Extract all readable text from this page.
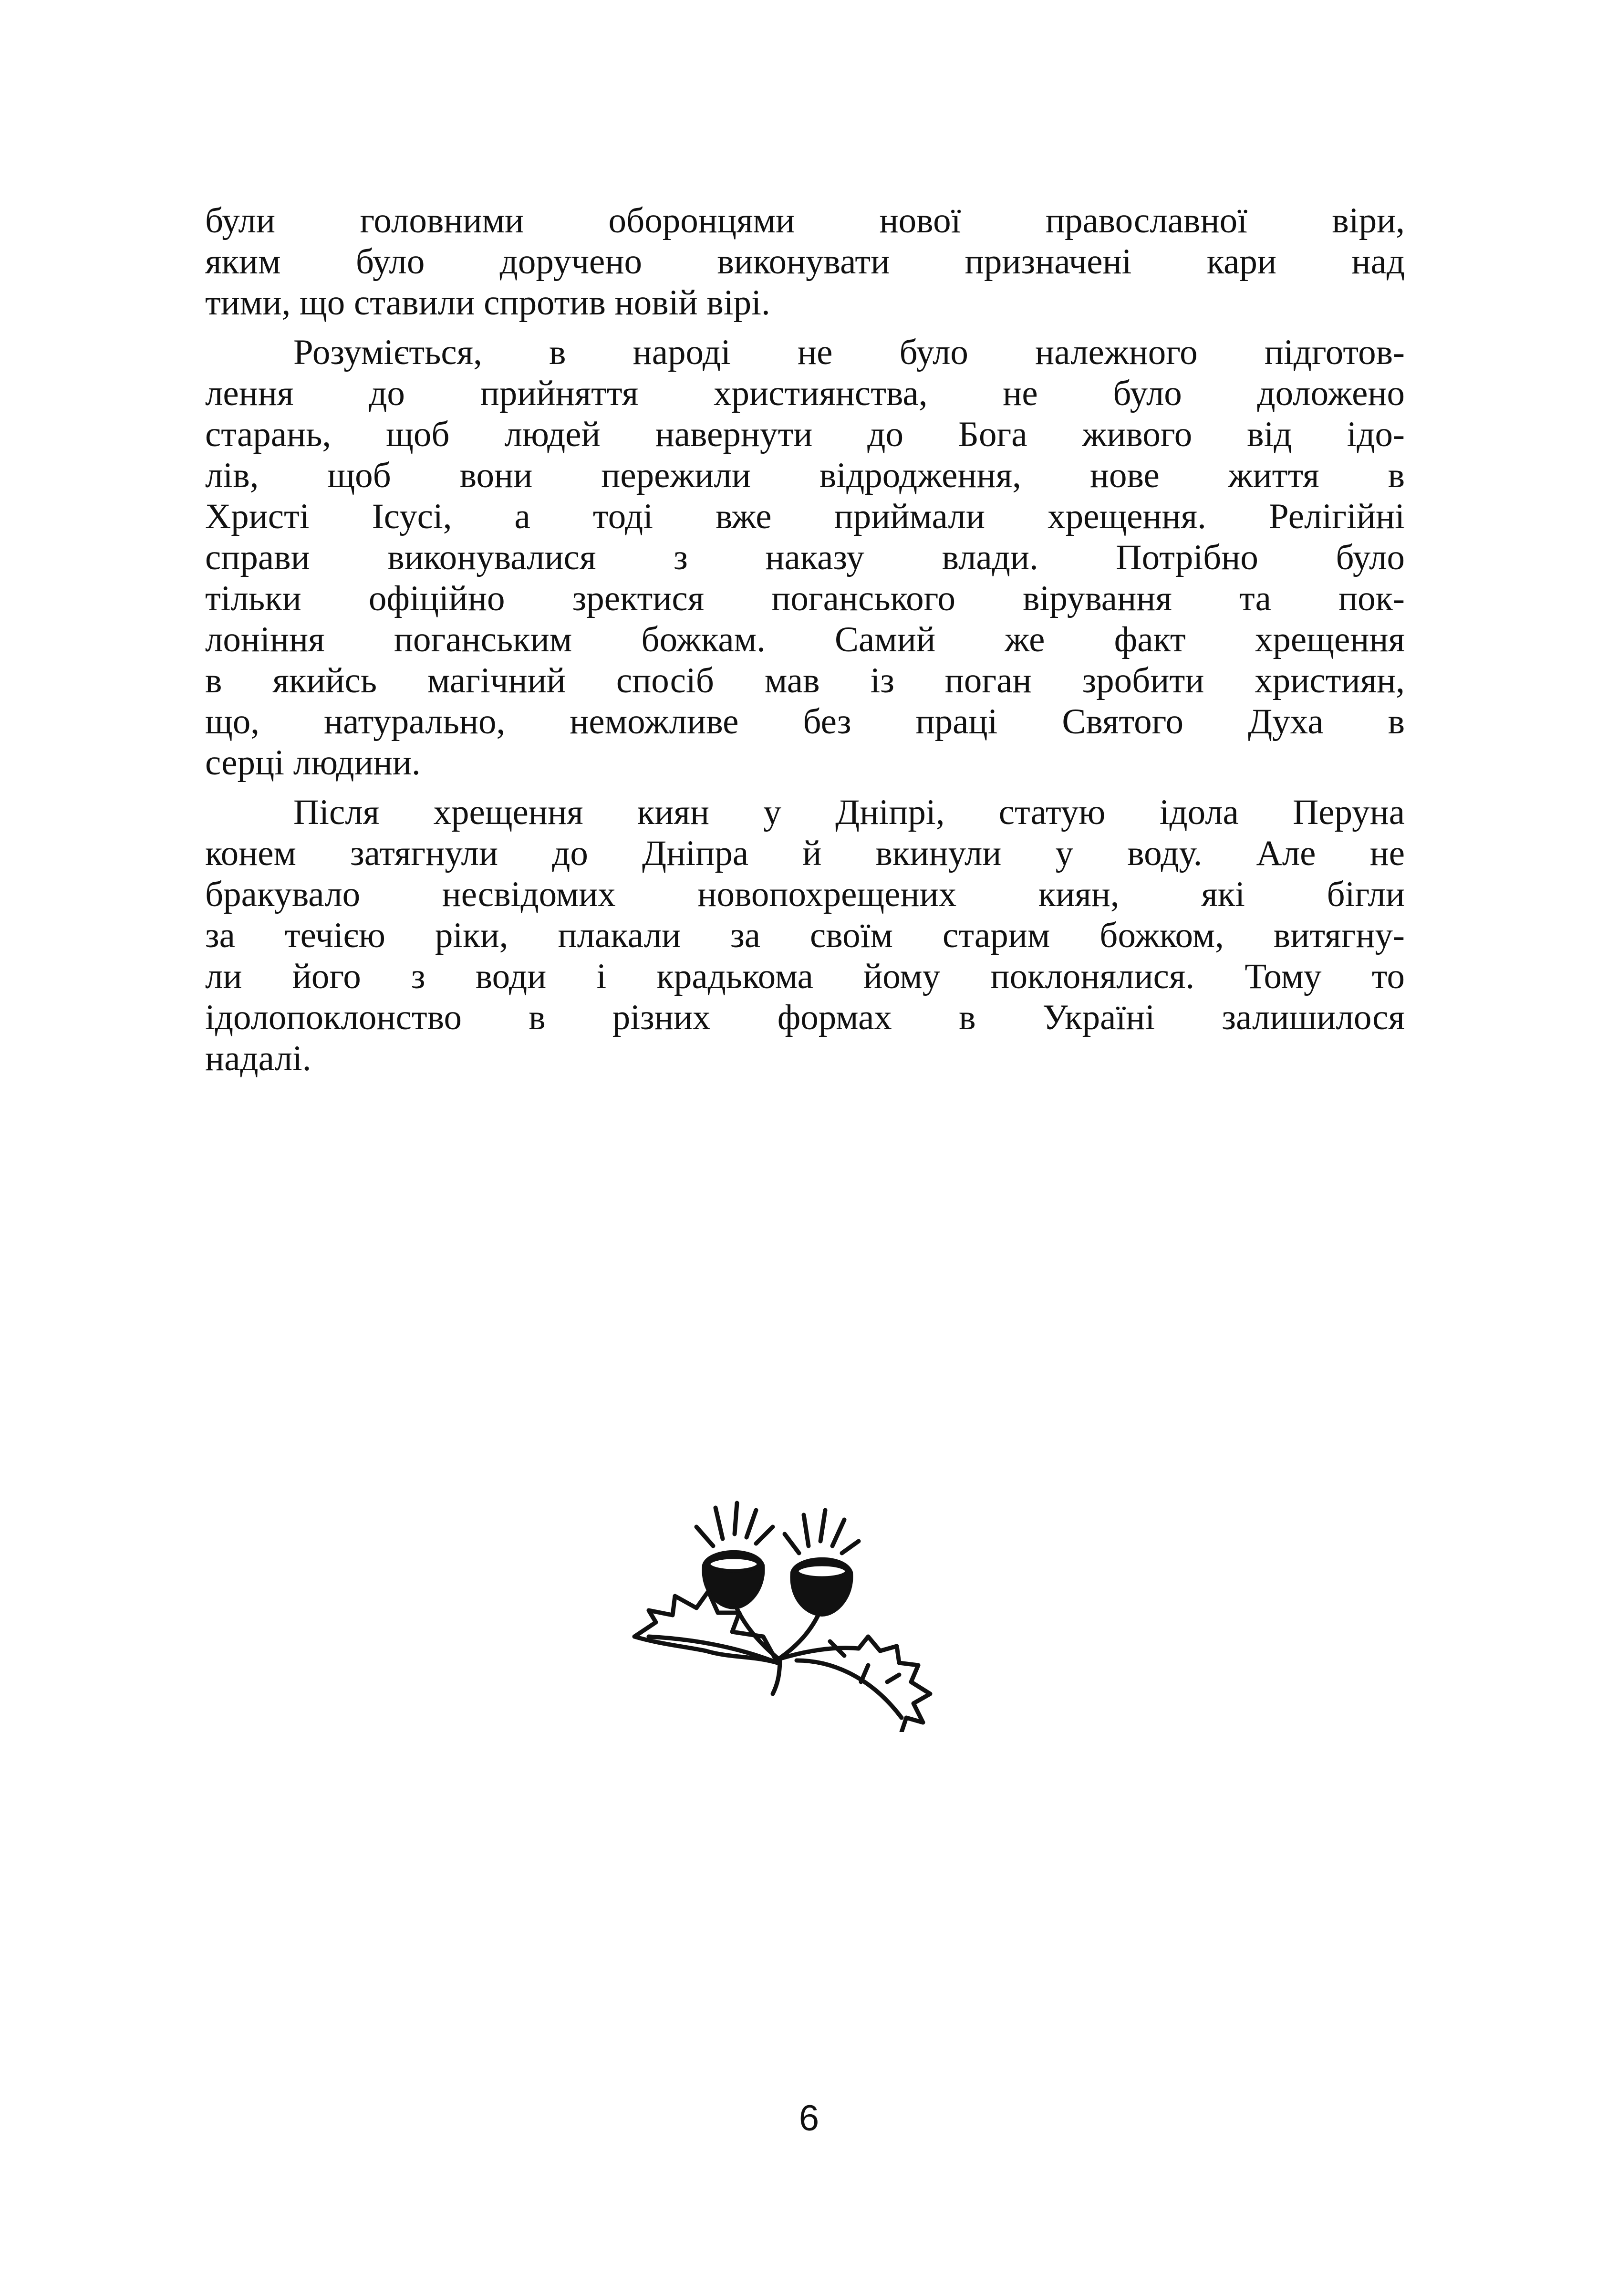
були головними оборонцями нової православної віри,
яким було доручено виконувати призначені кари над
тими, що ставили спротив новій вірі.

Розуміється, в народі не було належного підготов-
лення до прийняття християнства, не було доложено
старань, щоб людей навернути до Бога живого від ідо-
лів, щоб вони пережили відродження, нове життя в
Христі Ісусі, а тоді вже приймали хрещення. Релігійні
справи виконувалися з наказу влади. Потрібно було
тільки офіційно зректися поганського вірування та пок-
лоніння поганським божкам. Самий же факт хрещення
в якийсь магічний спосіб мав із поган зробити християн,
що, натурально, неможливе без праці Святого Духа в
серці людини.

Після хрещення киян у Дніпрі, статую ідола Перуна
конем затягнули до Дніпра й вкинули у воду. Але не
бракувало несвідомих новопохрещених киян, які бігли
за течією ріки, плакали за своїм старим божком, витягну-
ли його з води і крадькома йому поклонялися. Тому то
ідолопоклонство в різних формах в Україні залишилося
надалі.

6
